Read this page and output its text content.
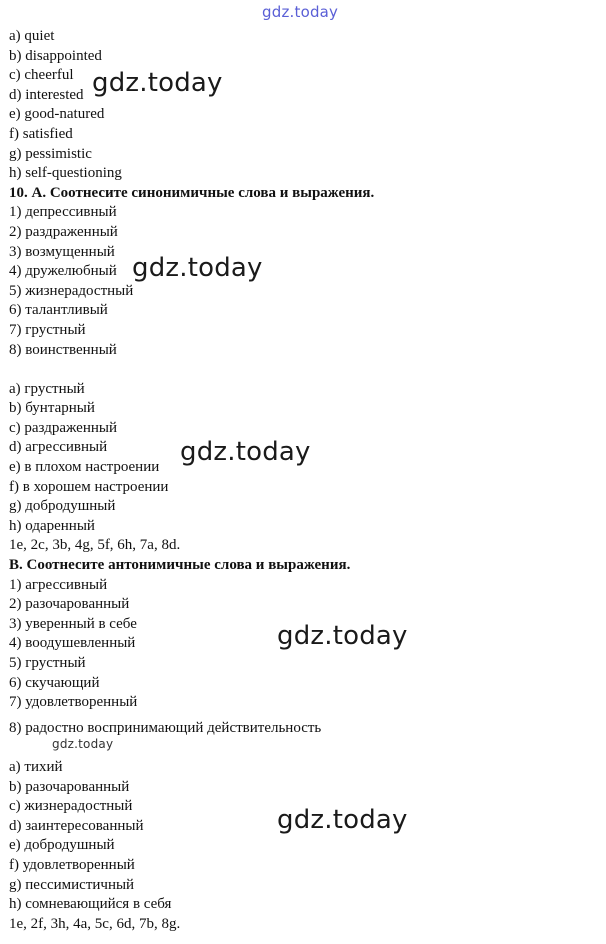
a) quiet
b) disappointed
c) cheerful
d) interested
e) good-natured
f) satisfied
g) pessimistic
h) self-questioning
10. А. Соотнесите синонимичные слова и выражения.
1) депрессивный
2) раздраженный
3) возмущенный
4) дружелюбный
5) жизнерадостный
6) талантливый
7) грустный
8) воинственный
a) грустный
b) бунтарный
c) раздраженный
d) агрессивный
e) в плохом настроении
f) в хорошем настроении
g) добродушный
h) одаренный
1e, 2c, 3b, 4g, 5f, 6h, 7a, 8d.
B. Соотнесите антонимичные слова и выражения.
1) агрессивный
2) разочарованный
3) уверенный в себе
4) воодушевленный
5) грустный
6) скучающий
7) удовлетворенный
8) радостно воспринимающий действительность
a) тихий
b) разочарованный
c) жизнерадостный
d) заинтересованный
e) добродушный
f) удовлетворенный
g) пессимистичный
h) сомневающийся в себя
1e, 2f, 3h, 4a, 5c, 6d, 7b, 8g.
gdz.today
gdz.today
gdz.today
gdz.today
gdz.today
gdz.today
gdz.today
